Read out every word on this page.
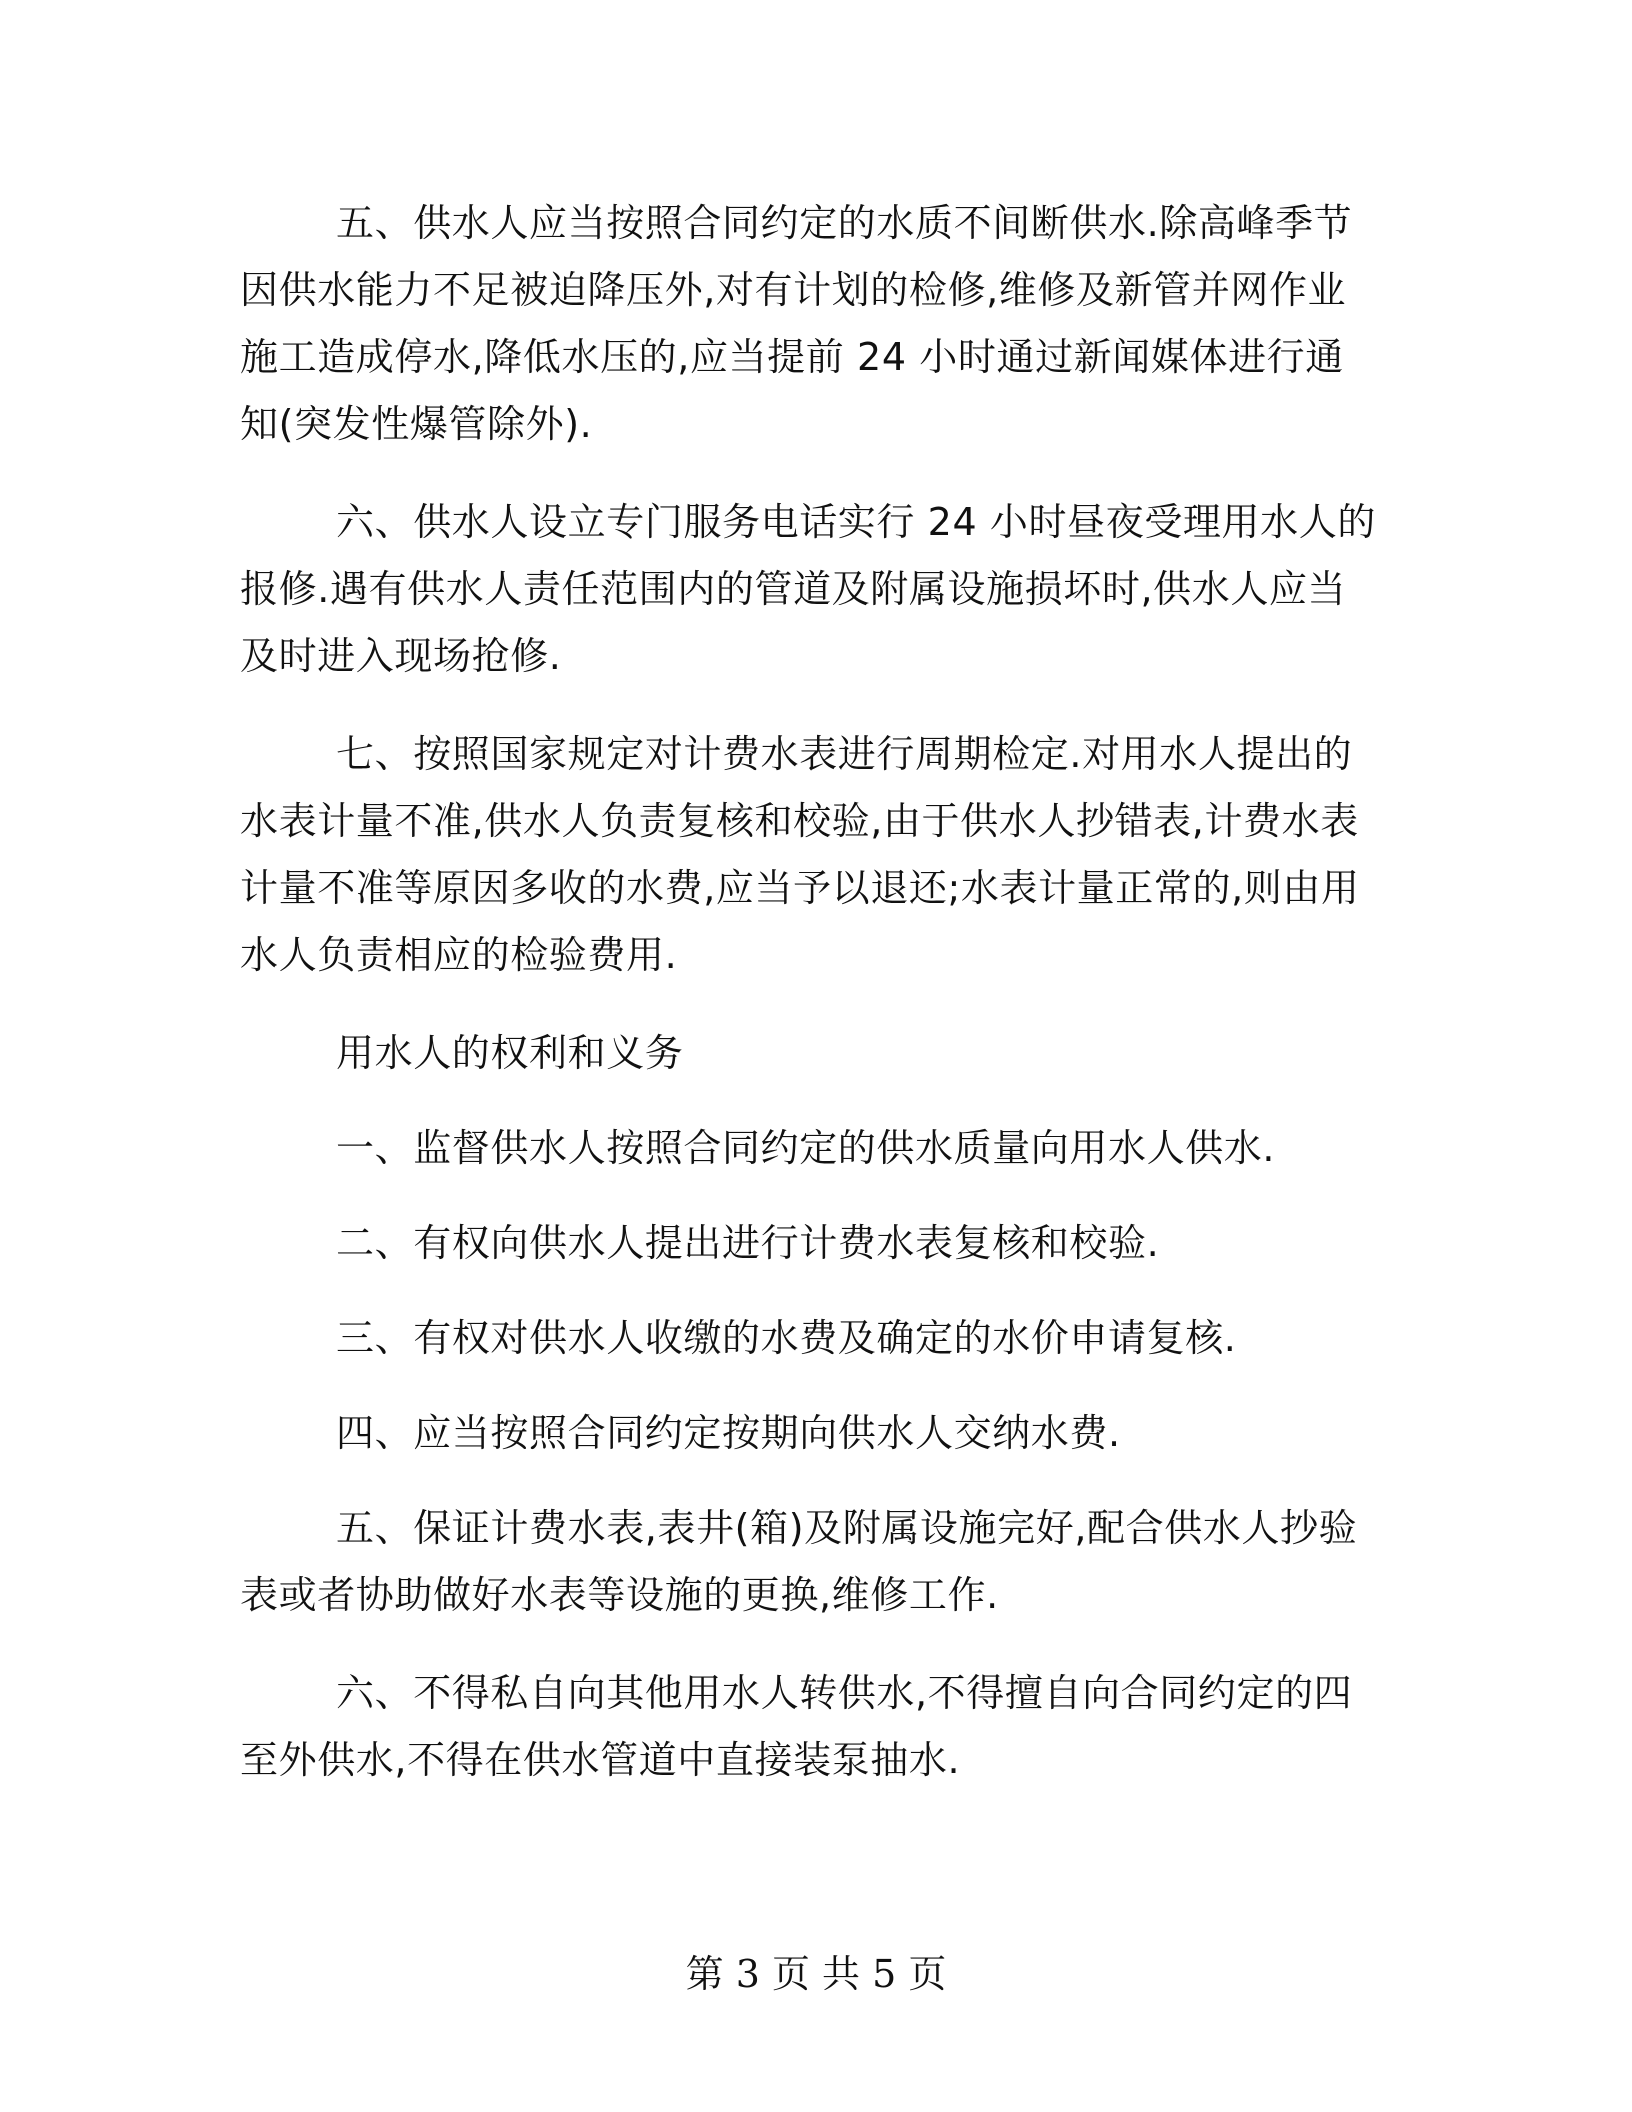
五、供水人应当按照合同约定的水质不间断供水.除高峰季节因供水能力不足被迫降压外,对有计划的检修,维修及新管并网作业施工造成停水,降低水压的,应当提前 24 小时通过新闻媒体进行通知(突发性爆管除外).

六、供水人设立专门服务电话实行 24 小时昼夜受理用水人的报修.遇有供水人责任范围内的管道及附属设施损坏时,供水人应当及时进入现场抢修.

七、按照国家规定对计费水表进行周期检定.对用水人提出的水表计量不准,供水人负责复核和校验,由于供水人抄错表,计费水表计量不准等原因多收的水费,应当予以退还;水表计量正常的,则由用水人负责相应的检验费用.

用水人的权利和义务

一、监督供水人按照合同约定的供水质量向用水人供水.

二、有权向供水人提出进行计费水表复核和校验.

三、有权对供水人收缴的水费及确定的水价申请复核.

四、应当按照合同约定按期向供水人交纳水费.

五、保证计费水表,表井(箱)及附属设施完好,配合供水人抄验表或者协助做好水表等设施的更换,维修工作.

六、不得私自向其他用水人转供水,不得擅自向合同约定的四至外供水,不得在供水管道中直接装泵抽水.

第 3 页 共 5 页
